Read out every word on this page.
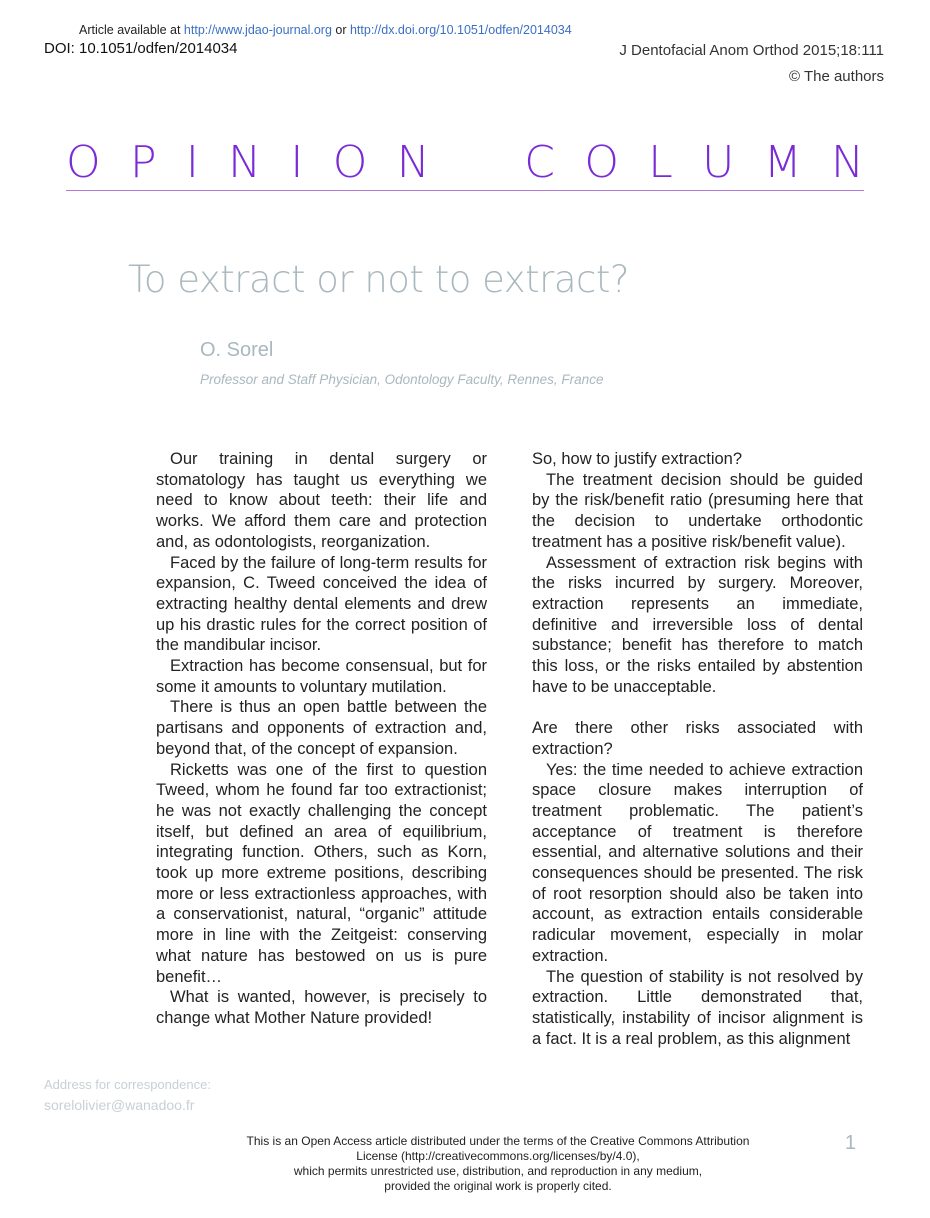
Article available at http://www.jdao-journal.org or http://dx.doi.org/10.1051/odfen/2014034
DOI: 10.1051/odfen/2014034	J Dentofacial Anom Orthod 2015;18:111
© The authors
O P I N I O N C O L U M N
To extract or not to extract?
O. Sorel
Professor and Staff Physician, Odontology Faculty, Rennes, France

Our training in dental surgery or stomatology has taught us everything we need to know about teeth: their life and works. We afford them care and protection and, as odontologists, reorganization.

Faced by the failure of long-term results for expansion, C. Tweed conceived the idea of extracting healthy dental elements and drew up his drastic rules for the correct position of the mandibular incisor.

Extraction has become consensual, but for some it amounts to voluntary mutilation.

There is thus an open battle between the partisans and opponents of extraction and, beyond that, of the concept of expansion.

Ricketts was one of the first to question Tweed, whom he found far too extractionist; he was not exactly challenging the concept itself, but defined an area of equilibrium, integrating function. Others, such as Korn, took up more extreme positions, describing more or less extractionless approaches, with a conservationist, natural, “organic” attitude more in line with the Zeitgeist: conserving what nature has bestowed on us is pure benefit…

What is wanted, however, is precisely to change what Mother Nature provided!

So, how to justify extraction?

The treatment decision should be guided by the risk/benefit ratio (presuming here that the decision to undertake orthodontic treatment has a positive risk/benefit value).

Assessment of extraction risk begins with the risks incurred by surgery. Moreover, extraction represents an immediate, definitive and irreversible loss of dental substance; benefit has therefore to match this loss, or the risks entailed by abstention have to be unacceptable.

Are there other risks associated with extraction?

Yes: the time needed to achieve extraction space closure makes interruption of treatment problematic. The patient’s acceptance of treatment is therefore essential, and alternative solutions and their consequences should be presented. The risk of root resorption should also be taken into account, as extraction entails considerable radicular movement, especially in molar extraction.

The question of stability is not resolved by extraction. Little demonstrated that, statistically, instability of incisor alignment is a fact. It is a real problem, as this alignment

Address for correspondence:
sorelolivier@wanadoo.fr
1
This is an Open Access article distributed under the terms of the Creative Commons Attribution
License (http://creativecommons.org/licenses/by/4.0),
which permits unrestricted use, distribution, and reproduction in any medium,
provided the original work is properly cited.
